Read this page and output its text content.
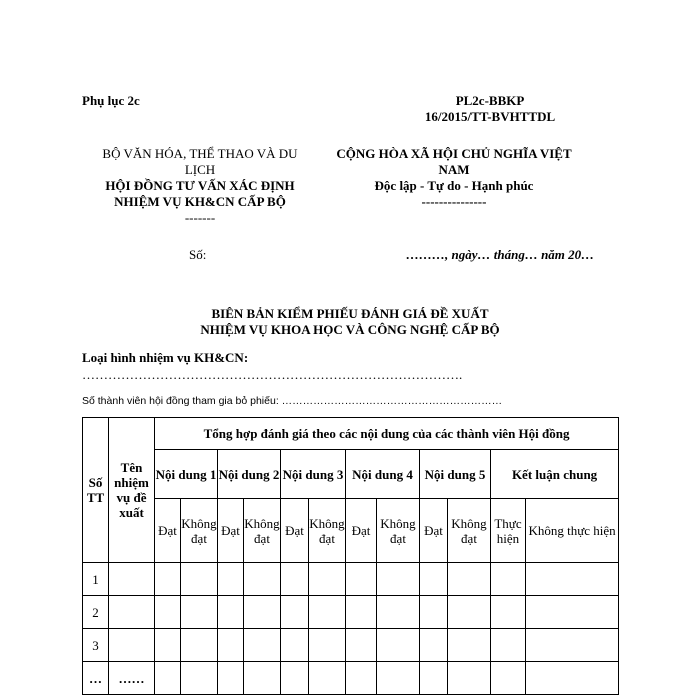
Phụ lục 2c
BỘ VĂN HÓA, THỂ THAO VÀ DU
LỊCH
HỘI ĐỒNG TƯ VẤN XÁC ĐỊNH
NHIỆM VỤ KH&CN CẤP BỘ
-------
PL2c-BBKP
16/2015/TT-BVHTTDL
CỘNG HÒA XÃ HỘI CHỦ NGHĨA VIỆT
NAM
Độc lập - Tự do - Hạnh phúc
---------------
Số:	………, ngày… tháng… năm 20…
BIÊN BẢN KIỂM PHIẾU ĐÁNH GIÁ ĐỀ XUẤT
NHIỆM VỤ KHOA HỌC VÀ CÔNG NGHỆ CẤP BỘ
Loại hình nhiệm vụ KH&CN:
…………………………………………………………………………….
Số thành viên hội đồng tham gia bỏ phiếu: ………………………………………………………
Số TT	Tên nhiệm vụ đề xuất	Tổng hợp đánh giá theo các nội dung của các thành viên Hội đồng											
		Nội dung 1		Nội dung 2		Nội dung 3		Nội dung 4		Nội dung 5		Kết luận chung	
		Đạt	Không đạt	Đạt	Không đạt	Đạt	Không đạt	Đạt	Không đạt	Đạt	Không đạt	Thực hiện	Không thực hiện
1													
2													
3													
…	……												
